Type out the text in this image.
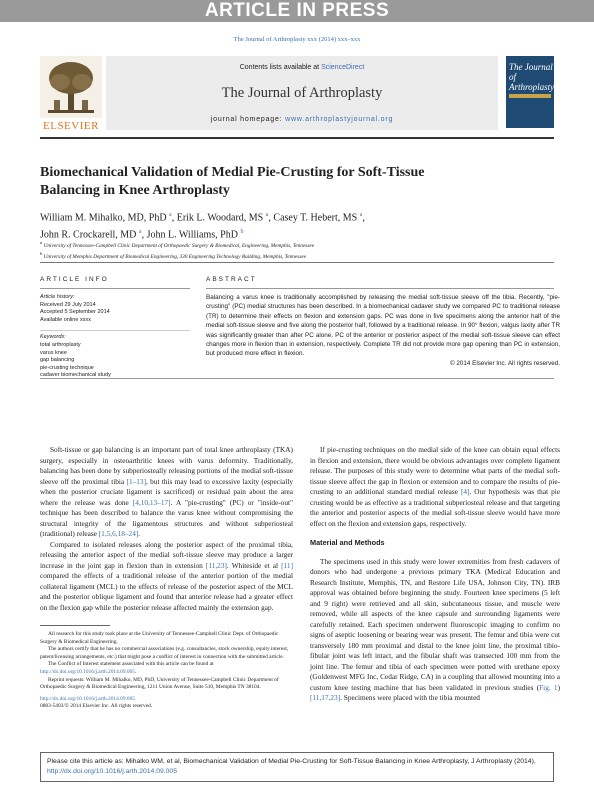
ARTICLE IN PRESS
The Journal of Arthroplasty xxx (2014) xxx–xxx
ELSEVIER
Contents lists available at ScienceDirect
The Journal of Arthroplasty
journal homepage: www.arthroplastyjournal.org
The Journal of Arthroplasty
Biomechanical Validation of Medial Pie-Crusting for Soft-Tissue Balancing in Knee Arthroplasty
William M. Mihalko, MD, PhD $^a$, Erik L. Woodard, MS $^a$, Casey T. Hebert, MS $^a$,
John R. Crockarell, MD $^a$, John L. Williams, PhD $^b$
$^a$ University of Tennessee-Campbell Clinic Department of Orthopaedic Surgery & Biomedical, Engineering, Memphis, Tennessee
$^b$ University of Memphis Department of Biomedical Engineering, 330 Engineering Technology Building, Memphis, Tennessee
ARTICLE INFO	ABSTRACT
Article history:
Received 29 July 2014
Accepted 5 September 2014
Available online xxxx
Keywords:
total arthroplasty
varus knee
gap balancing
pie-crusting technique
cadaver biomechanical study

Balancing a varus knee is traditionally accomplished by releasing the medial soft-tissue sleeve off the tibia. Recently, "pie-crusting" (PC) medial structures has been described. In a biomechanical cadaver study we compared PC to traditional release (TR) to determine their effects on flexion and extension gaps. PC was done in five specimens along the anterior half of the medial soft-tissue sleeve and five along the posterior half, followed by a traditional release. In 90° flexion, valgus laxity after TR was significantly greater than after PC alone. PC of the anterior or posterior aspect of the medial soft-tissue sleeve can effect changes more in flexion than in extension, respectively. Complete TR did not provide more gap opening than PC in extension, but produced more effect in flexion.

© 2014 Elsevier Inc. All rights reserved.

Soft-tissue or gap balancing is an important part of total knee arthroplasty (TKA) surgery, especially in osteoarthritic knees with varus deformity. Traditionally, balancing has been done by subperiosteally releasing portions of the medial soft-tissue sleeve off the proximal tibia [1–13], but this may lead to excessive laxity (especially when the posterior cruciate ligament is sacrificed) or residual pain about the area where the release was done [4,10,13–17]. A "pie-crusting" (PC) or "inside-out" technique has been described to balance the varus knee without compromising the structural integrity of the ligamentous structures and without subperiosteal (traditional) release [1,5,6,18–24].

Compared to isolated releases along the posterior aspect of the proximal tibia, releasing the anterior aspect of the medial soft-tissue sleeve may produce a larger increase in the joint gap in flexion than in extension [11,23]. Whiteside et al [11] compared the effects of a traditional release of the anterior portion of the medial collateral ligament (MCL) to the effects of release of the posterior aspect of the MCL and the posterior oblique ligament and found that anterior release had a greater effect on the flexion gap while the posterior release affected mainly the extension gap.

If pie-crusting techniques on the medial side of the knee can obtain equal effects in flexion and extension, there would be obvious advantages over complete ligament release. The purposes of this study were to determine what parts of the medial soft-tissue sleeve affect the gap in flexion or extension and to compare the results of pie-crusting to an additional standard medial release [4]. Our hypothesis was that pie crusting would be as effective as a traditional subperiosteal release and that targeting the anterior and posterior aspects of the medial soft-tissue sleeve would have more effect on the flexion and extension gaps, respectively.

Material and Methods

The specimens used in this study were lower extremities from fresh cadavers of donors who had undergone a previous primary TKA (Medical Education and Research Institute, Memphis, TN, and Restore Life USA, Johnson City, TN). IRB approval was obtained before beginning the study. Fourteen knee specimens (5 left and 9 right) were retrieved and all skin, subcutaneous tissue, and muscle were removed, while all aspects of the knee capsule and surrounding ligaments were carefully retained. Each specimen underwent fluoroscopic imaging to confirm no signs of aseptic loosening or bearing wear was present. The femur and tibia were cut transversely 180 mm proximal and distal to the knee joint line, the proximal tibio-fibular joint was left intact, and the fibular shaft was transected 100 mm from the joint line. The femur and tibia of each specimen were potted with urethane epoxy (Goldenwest MFG Inc, Cedar Ridge, CA) in a coupling that allowed mounting into a custom knee testing machine that has been validated in previous studies (Fig. 1) [11,17,23]. Specimens were placed with the tibia mounted

All research for this study took place at the University of Tennessee-Campbell Clinic Dept. of Orthopaedic Surgery & Biomedical Engineering.

The authors certify that he has no commercial associations (e.g. consultancies, stock ownership, equity interest, patent/licensing arrangements, etc.) that might pose a conflict of interest in connection with the submitted article.

The Conflict of Interest statement associated with this article can be found at http://dx.doi.org/10.1016/j.arth.2014.09.005.

Reprint requests: William M. Mihalko, MD, PhD, University of Tennessee-Campbell Clinic Department of Orthopaedic Surgery & Biomedical Engineering, 1211 Union Avenue, Suite 510, Memphis TN 38104.

http://dx.doi.org/10.1016/j.arth.2014.09.005
0883-5403/© 2014 Elsevier Inc. All rights reserved.

Please cite this article as: Mihalko WM, et al, Biomechanical Validation of Medial Pie-Crusting for Soft-Tissue Balancing in Knee Arthroplasty, J Arthroplasty (2014), http://dx.doi.org/10.1016/j.arth.2014.09.005
